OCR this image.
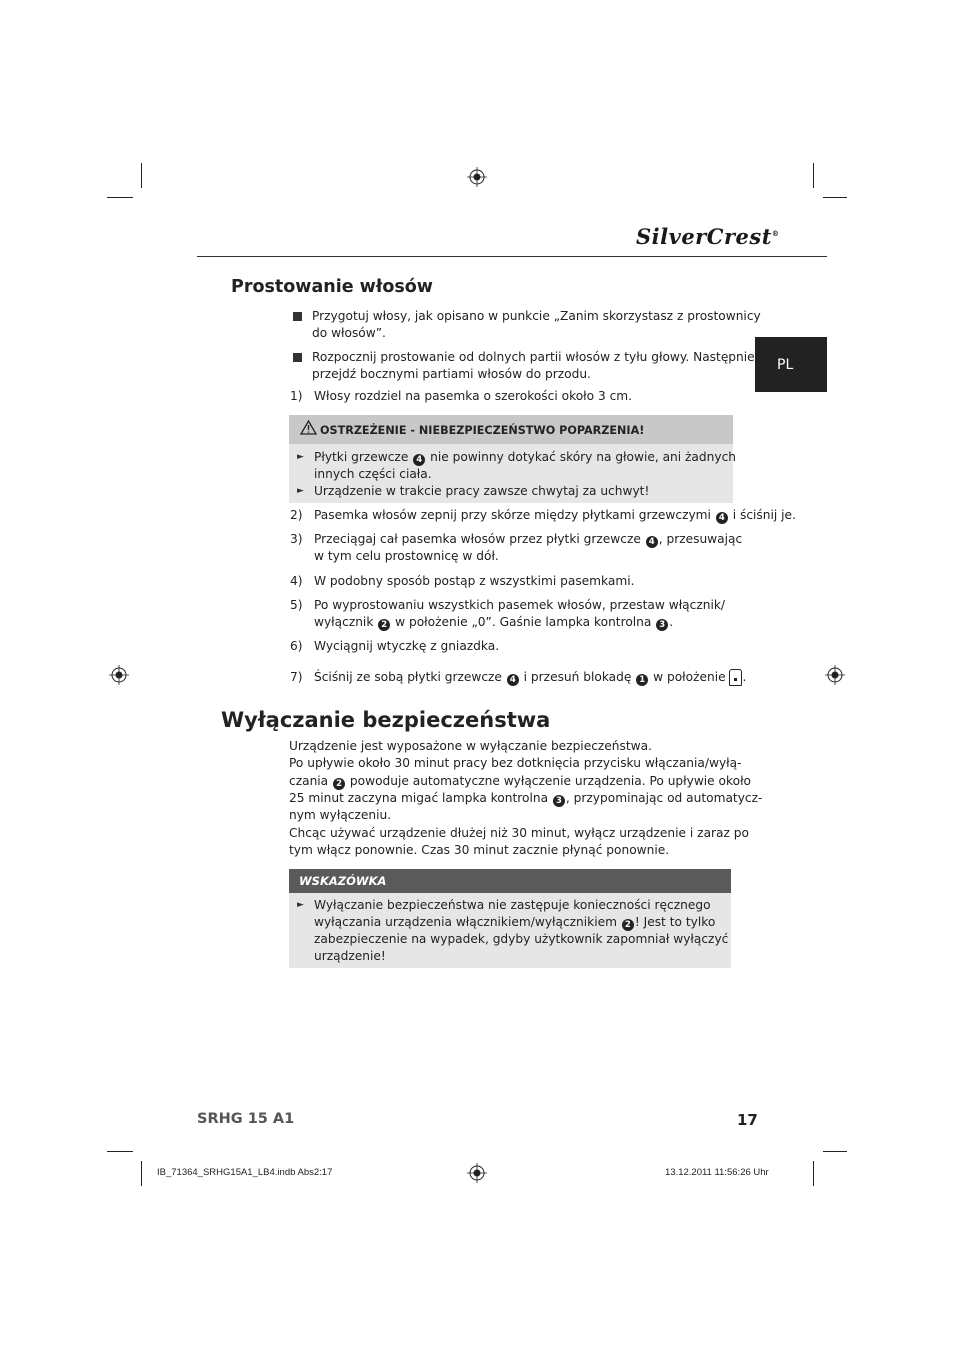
SilverCrest®
PL
Prostowanie włosów
Przygotuj włosy, jak opisano w punkcie „Zanim skorzystasz z prostownicy
do włosów”.
Rozpocznij prostowanie od dolnych partii włosów z tyłu głowy. Następnie
przejdź bocznymi partiami włosów do przodu.
1) Włosy rozdziel na pasemka o szerokości około 3 cm.
OSTRZEŻENIE - NIEBEZPIECZEŃSTWO POPARZENIA!
► Płytki grzewcze 4 nie powinny dotykać skóry na głowie, ani żadnych
innych części ciała.
► Urządzenie w trakcie pracy zawsze chwytaj za uchwyt!
2) Pasemka włosów zepnij przy skórze między płytkami grzewczymi 4 i ściśnij je.
3) Przeciągaj cał pasemka włosów przez płytki grzewcze 4 , przesuwając
w tym celu prostownicę w dół.
4) W podobny sposób postąp z wszystkimi pasemkami.
5) Po wyprostowaniu wszystkich pasemek włosów, przestaw włącznik/
wyłącznik 2 w położenie „0”. Gaśnie lampka kontrolna 3 .
6) Wyciągnij wtyczkę z gniazdka.
7) Ściśnij ze sobą płytki grzewcze 4 i przesuń blokadę 1 w położenie .
Wyłączanie bezpieczeństwa
Urządzenie jest wyposażone w wyłączanie bezpieczeństwa.
Po upływie około 30 minut pracy bez dotknięcia przycisku włączania/wyłą-
czania 2 powoduje automatyczne wyłączenie urządzenia. Po upływie około
25 minut zaczyna migać lampka kontrolna 3 , przypominając od automatycz-
nym wyłączeniu.
Chcąc używać urządzenie dłużej niż 30 minut, wyłącz urządzenie i zaraz po
tym włącz ponownie. Czas 30 minut zacznie płynąć ponownie.
WSKAZÓWKA
► Wyłączanie bezpieczeństwa nie zastępuje konieczności ręcznego
wyłączania urządzenia włącznikiem/wyłącznikiem 2 ! Jest to tylko
zabezpieczenie na wypadek, gdyby użytkownik zapomniał wyłączyć
urządzenie!
SRHG 15 A1	17
IB_71364_SRHG15A1_LB4.indb Abs2:17	13.12.2011 11:56:26 Uhr
